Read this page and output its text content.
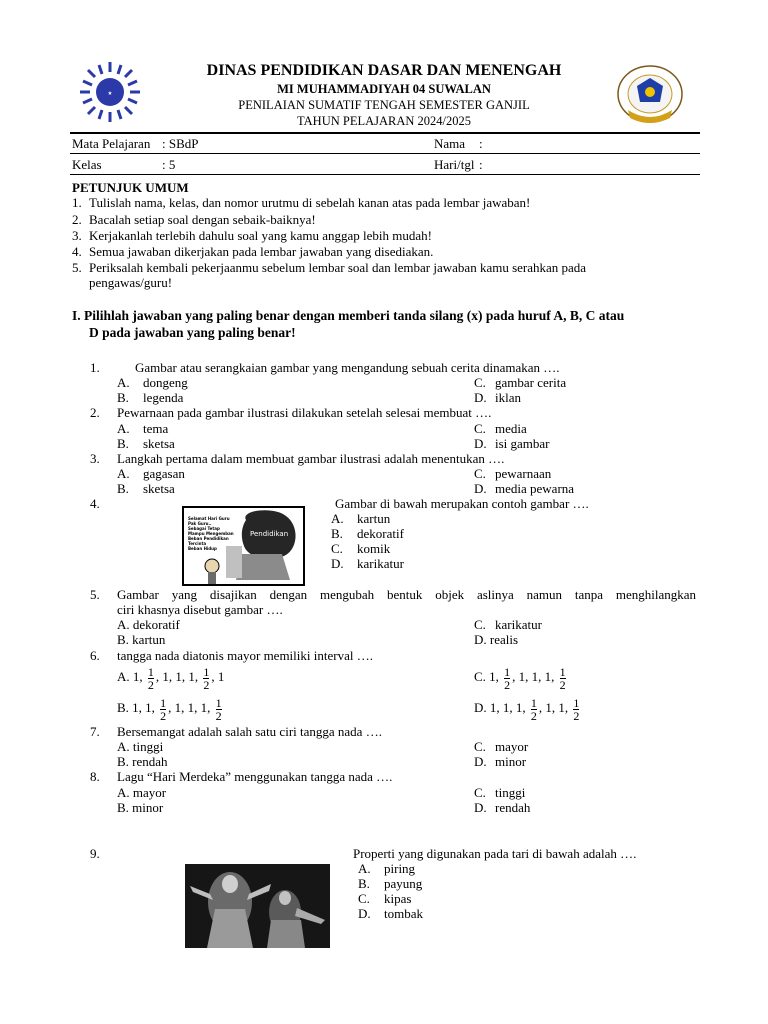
٭
DINAS PENDIDIKAN DASAR DAN MENENGAH
MI MUHAMMADIYAH 04 SUWALAN
PENILAIAN SUMATIF TENGAH SEMESTER GANJIL
TAHUN PELAJARAN 2024/2025
Mata Pelajaran : SBdP	Nama :
Kelas	: 5	Hari/tgl :
PETUNJUK UMUM
1. Tulislah nama, kelas, dan nomor urutmu di sebelah kanan atas pada lembar jawaban!
2. Bacalah setiap soal dengan sebaik-baiknya!
3. Kerjakanlah terlebih dahulu soal yang kamu anggap lebih mudah!
4. Semua jawaban dikerjakan pada lembar jawaban yang disediakan.
5. Periksalah kembali pekerjaanmu sebelum lembar soal dan lembar jawaban kamu serahkan pada
pengawas/guru!
I. Pilihlah jawaban yang paling benar dengan memberi tanda silang (x) pada huruf A, B, C atau
D pada jawaban yang paling benar!
1.	Gambar atau serangkaian gambar yang mengandung sebuah cerita dinamakan ….
A. dongeng	C. gambar cerita
B. legenda	D. iklan
2. Pewarnaan pada gambar ilustrasi dilakukan setelah selesai membuat ….
A. tema	C. media
B. sketsa	D. isi gambar
3. Langkah pertama dalam membuat gambar ilustrasi adalah menentukan ….
A. gagasan	C. pewarnaan
B. sketsa	D. media pewarna
4.	Gambar di bawah merupakan contoh gambar ….
Selamat Hari Guru
Pak Guru..
Sebagai Tetap
Mampu Mengemban
Beban Pendidikan
Tercinta
Beban Hidup
Pendidikan
A. kartun
B. dekoratif
C. komik
D. karikatur
5. Gambar yang disajikan dengan mengubah bentuk objek aslinya namun tanpa menghilangkan
ciri khasnya disebut gambar ….
A. dekoratif	C. karikatur
B. kartun	D. realis
6. tangga nada diatonis mayor memiliki interval ….
A. 1, $\frac{1}{2}$ , 1, 1, 1, $\frac{1}{2}$ , 1	C. 1, $\frac{1}{2}$ , 1, 1, 1, $\frac{1}{2}$
B. 1, 1, $\frac{1}{2}$ , 1, 1, 1, $\frac{1}{2}$	D. 1, 1, 1, $\frac{1}{2}$ , 1, 1, $\frac{1}{2}$
7. Bersemangat adalah salah satu ciri tangga nada ….
A. tinggi	C. mayor
B. rendah	D. minor
8. Lagu “Hari Merdeka” menggunakan tangga nada ….
A. mayor	C. tinggi
B. minor	D. rendah
9.	Properti yang digunakan pada tari di bawah adalah ….
A. piring
B. payung
C. kipas
D. tombak
